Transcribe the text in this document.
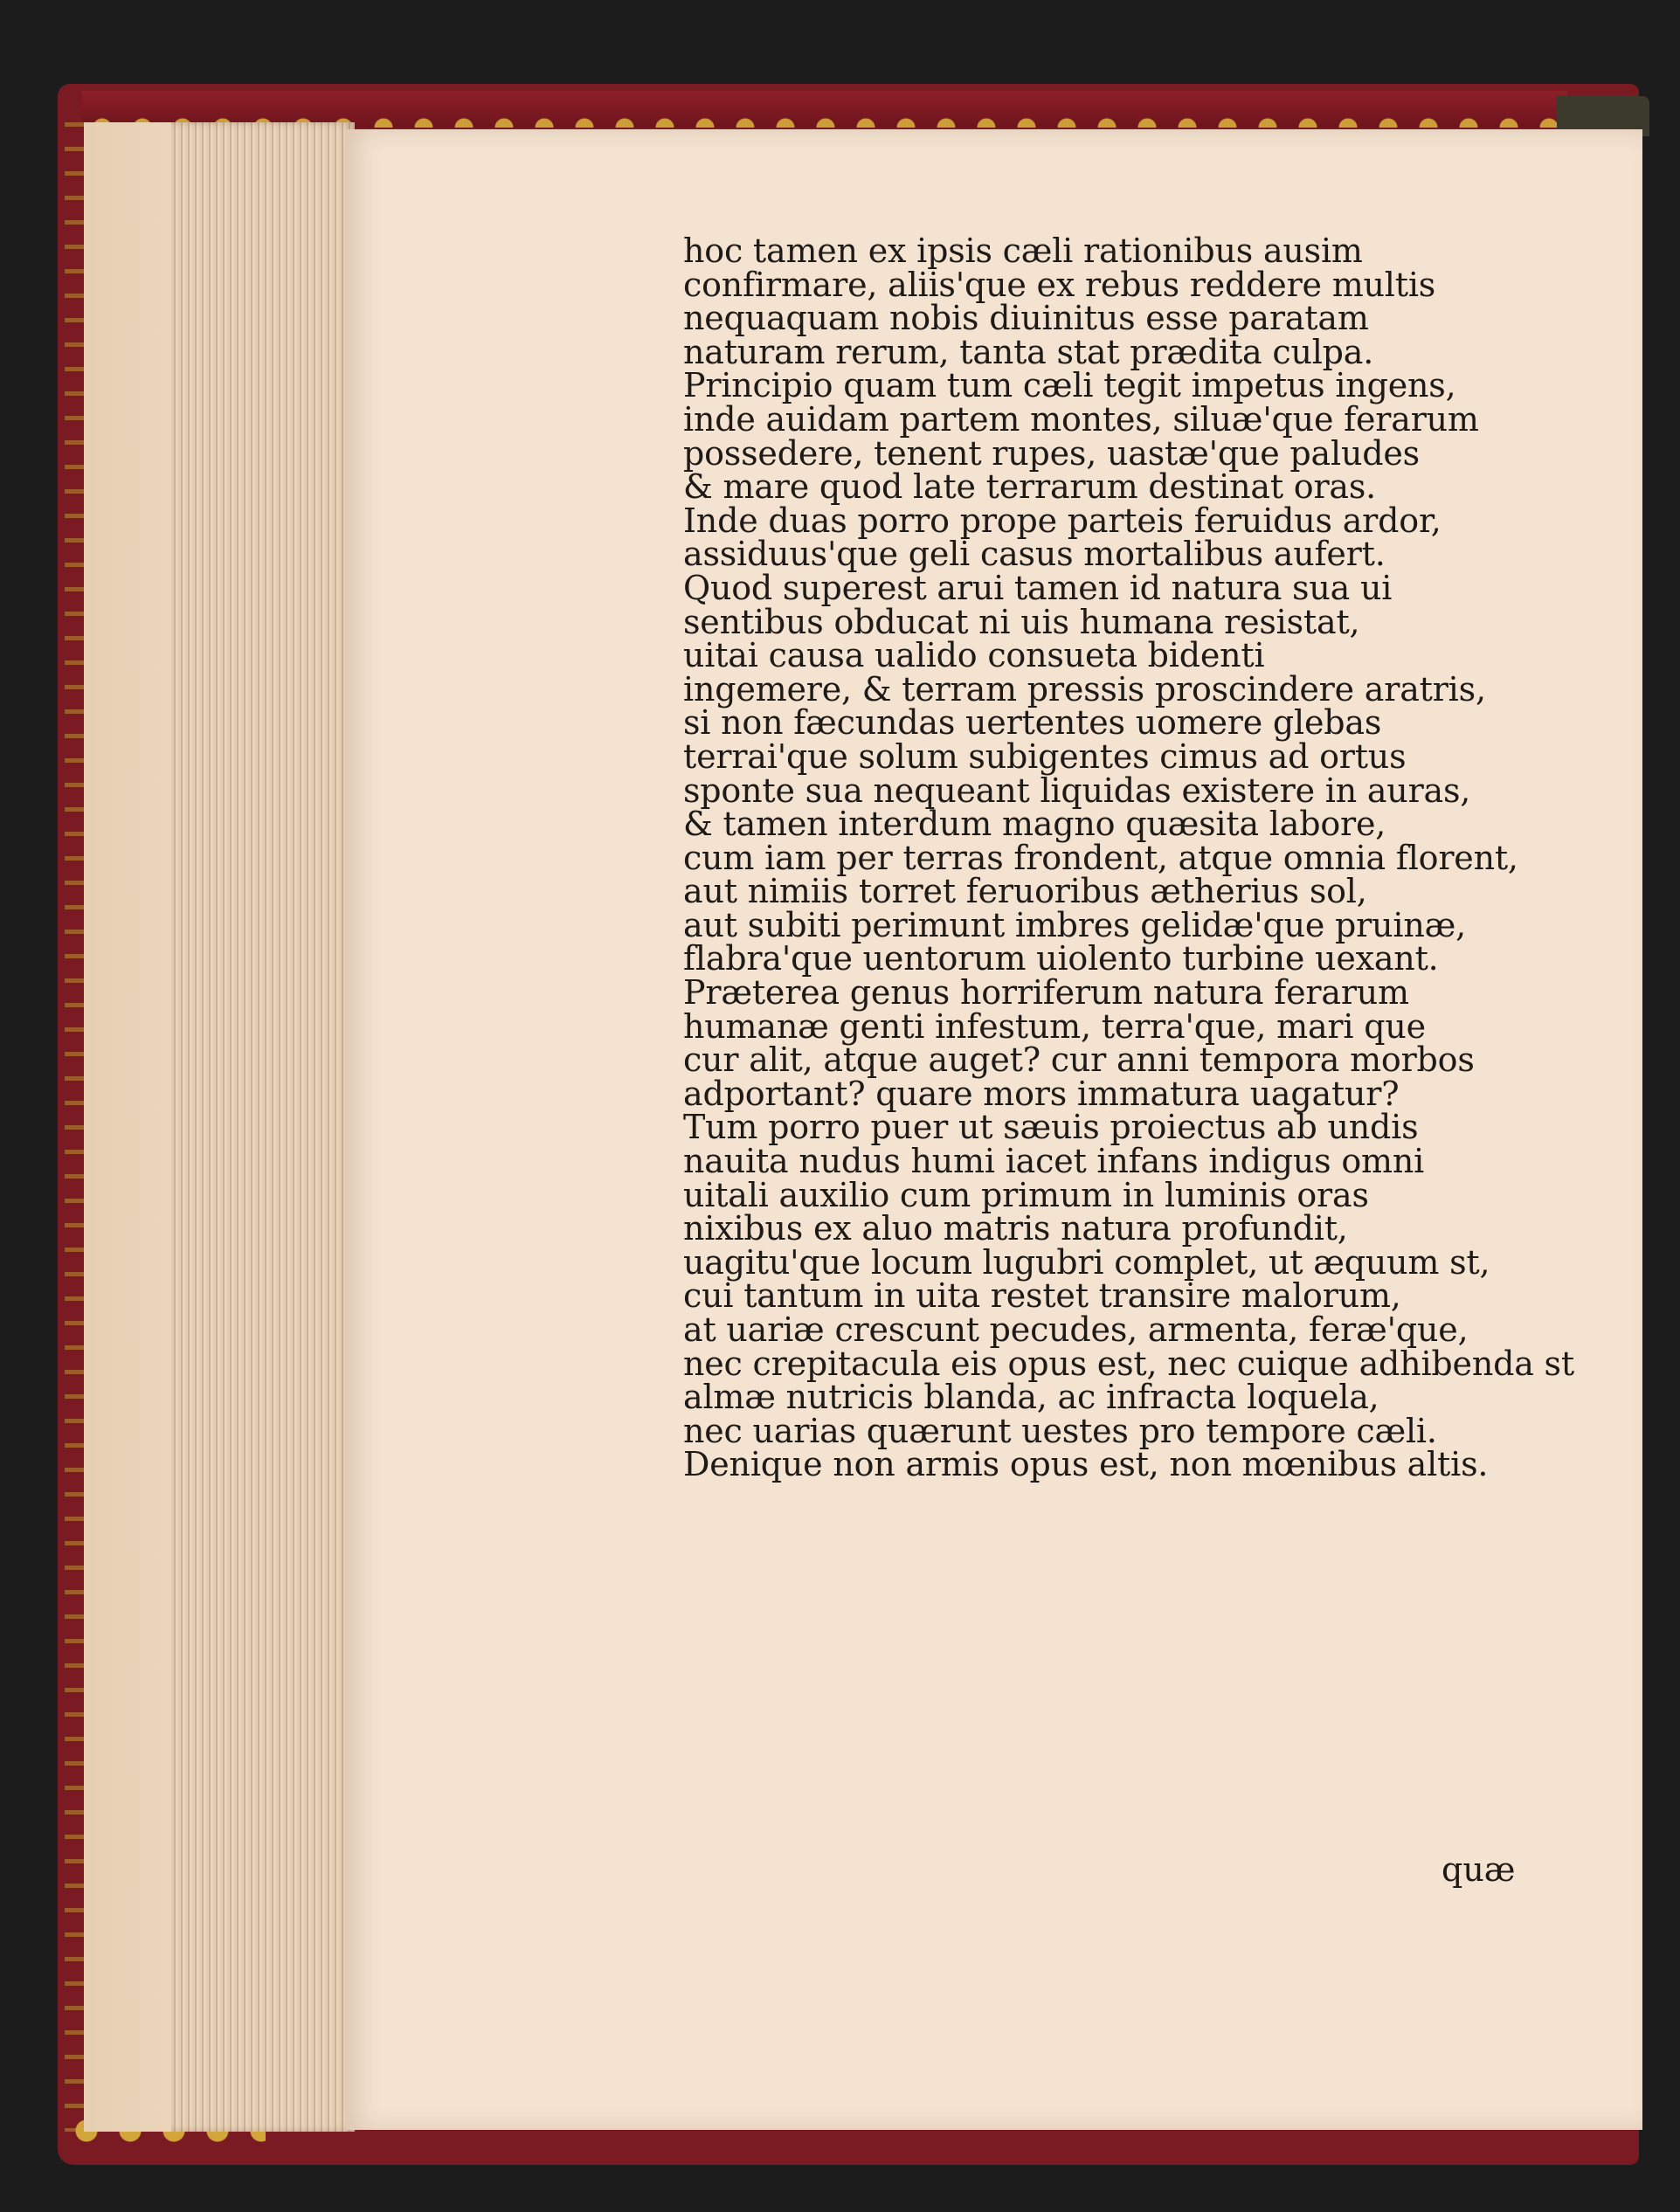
hoc tamen ex ipsis cæli rationibus ausim
confirmare, aliis'que ex rebus reddere multis
nequaquam nobis diuinitus esse paratam
naturam rerum, tanta stat prædita culpa.
Principio quam tum cæli tegit impetus ingens,
inde auidam partem montes, siluæ'que ferarum
possedere, tenent rupes, uastæ'que paludes
& mare quod late terrarum destinat oras.
Inde duas porro prope parteis feruidus ardor,
assiduus'que geli casus mortalibus aufert.
Quod superest arui tamen id natura sua ui
sentibus obducat ni uis humana resistat,
uitai causa ualido consueta bidenti
ingemere, & terram pressis proscindere aratris,
si non fæcundas uertentes uomere glebas
terrai'que solum subigentes cimus ad ortus
sponte sua nequeant liquidas existere in auras,
& tamen interdum magno quæsita labore,
cum iam per terras frondent, atque omnia florent,
aut nimiis torret feruoribus ætherius sol,
aut subiti perimunt imbres gelidæ'que pruinæ,
flabra'que uentorum uiolento turbine uexant.
Præterea genus horriferum natura ferarum
humanæ genti infestum, terra'que, mari que
cur alit, atque auget? cur anni tempora morbos
adportant? quare mors immatura uagatur?
Tum porro puer ut sæuis proiectus ab undis
nauita nudus humi iacet infans indigus omni
uitali auxilio cum primum in luminis oras
nixibus ex aluo matris natura profundit,
uagitu'que locum lugubri complet, ut æquum st,
cui tantum in uita restet transire malorum,
at uariæ crescunt pecudes, armenta, feræ'que,
nec crepitacula eis opus est, nec cuique adhibenda st
almæ nutricis blanda, ac infracta loquela,
nec uarias quærunt uestes pro tempore cæli.
Denique non armis opus est, non mœnibus altis.
quæ
